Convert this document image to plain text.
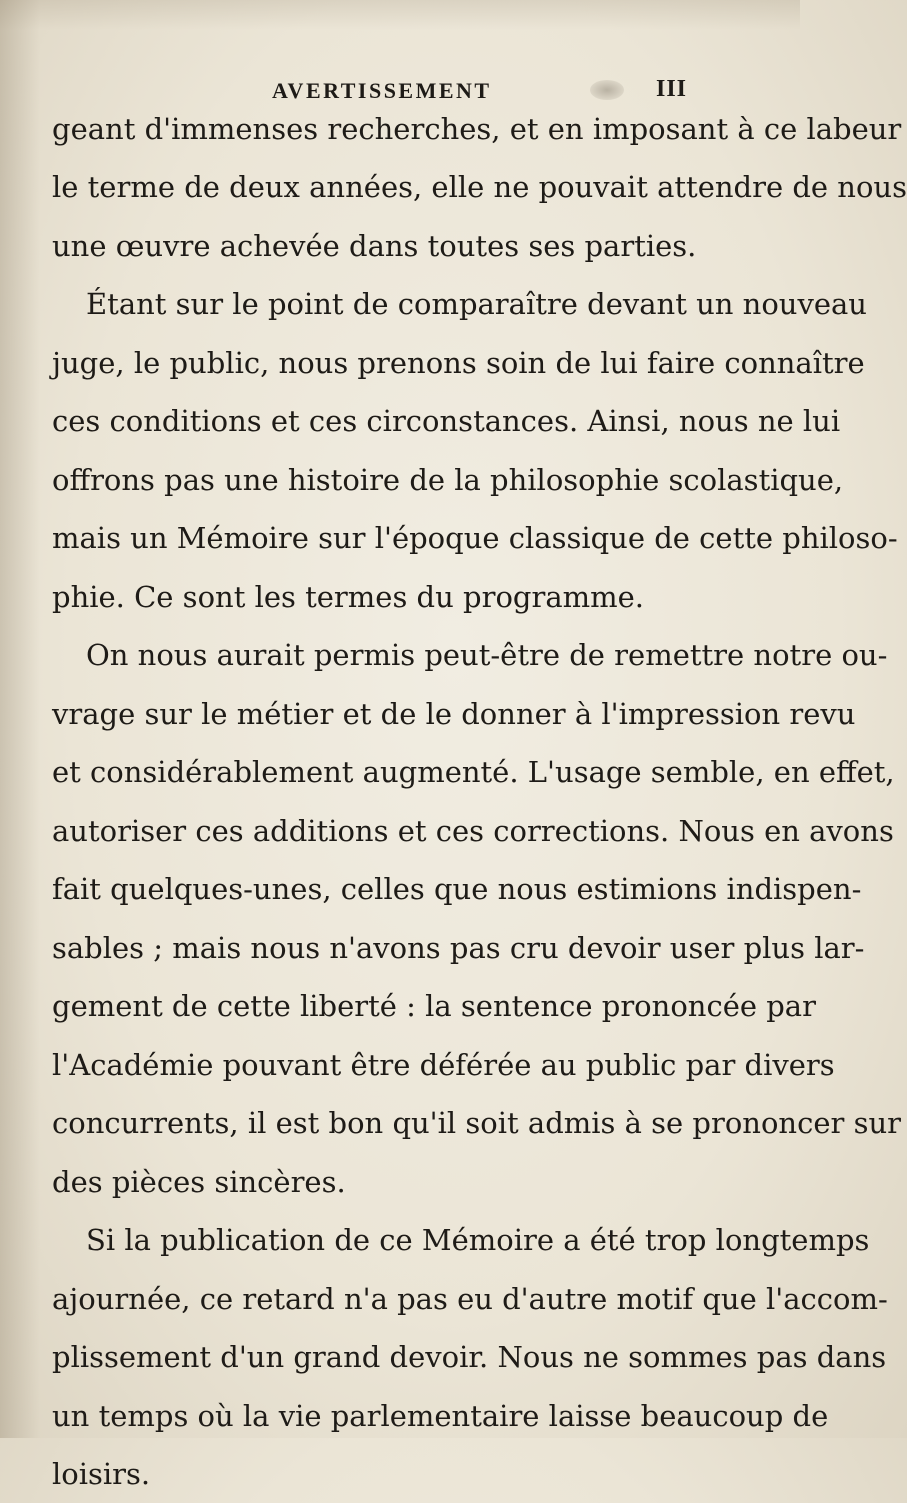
AVERTISSEMENT	III
geant d'immenses recherches, et en imposant à ce labeur
le terme de deux années, elle ne pouvait attendre de nous
une œuvre achevée dans toutes ses parties.
Étant sur le point de comparaître devant un nouveau
juge, le public, nous prenons soin de lui faire connaître
ces conditions et ces circonstances. Ainsi, nous ne lui
offrons pas une histoire de la philosophie scolastique,
mais un Mémoire sur l'époque classique de cette philoso-
phie. Ce sont les termes du programme.
On nous aurait permis peut-être de remettre notre ou-
vrage sur le métier et de le donner à l'impression revu
et considérablement augmenté. L'usage semble, en effet,
autoriser ces additions et ces corrections. Nous en avons
fait quelques-unes, celles que nous estimions indispen-
sables ; mais nous n'avons pas cru devoir user plus lar-
gement de cette liberté : la sentence prononcée par
l'Académie pouvant être déférée au public par divers
concurrents, il est bon qu'il soit admis à se prononcer sur
des pièces sincères.
Si la publication de ce Mémoire a été trop longtemps
ajournée, ce retard n'a pas eu d'autre motif que l'accom-
plissement d'un grand devoir. Nous ne sommes pas dans
un temps où la vie parlementaire laisse beaucoup de
loisirs.
